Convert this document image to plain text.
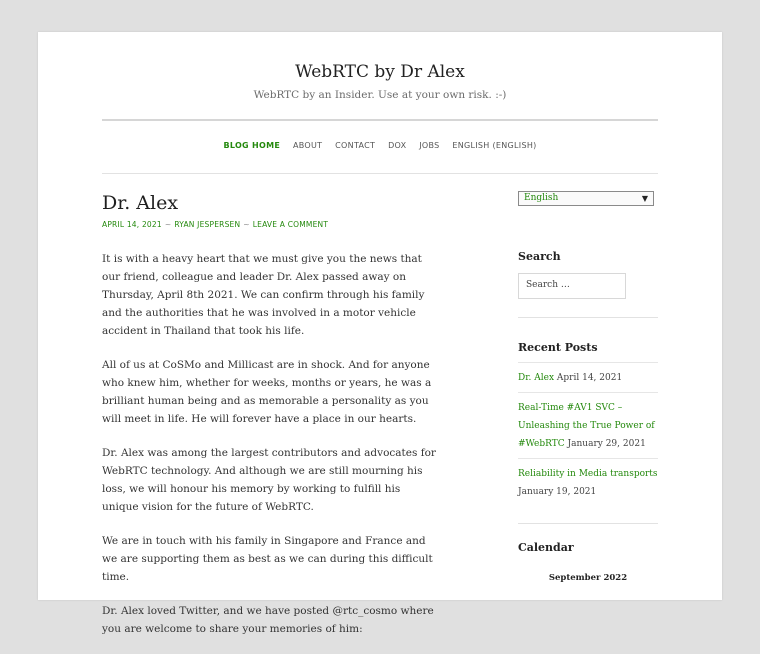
WebRTC by Dr Alex
WebRTC by an Insider. Use at your own risk. :-)
BLOG HOME ABOUT CONTACT DOX JOBS ENGLISH (ENGLISH)
Dr. Alex
APRIL 14, 2021 ~ RYAN JESPERSEN ~ LEAVE A COMMENT

It is with a heavy heart that we must give you the news that our friend, colleague and leader Dr. Alex passed away on Thursday, April 8th 2021. We can confirm through his family and the authorities that he was involved in a motor vehicle accident in Thailand that took his life.

All of us at CoSMo and Millicast are in shock. And for anyone who knew him, whether for weeks, months or years, he was a brilliant human being and as memorable a personality as you will meet in life. He will forever have a place in our hearts.

Dr. Alex was among the largest contributors and advocates for WebRTC technology. And although we are still mourning his loss, we will honour his memory by working to fulfill his unique vision for the future of WebRTC.

We are in touch with his family in Singapore and France and we are supporting them as best as we can during this difficult time.

Dr. Alex loved Twitter, and we have posted @rtc_cosmo where you are welcome to share your memories of him:

English	▼
Search
Search …
Recent Posts
Dr. Alex April 14, 2021
Real-Time #AV1 SVC – Unleashing the True Power of #WebRTC January 29, 2021
Reliability in Media transports
January 19, 2021
Calendar
September 2022
